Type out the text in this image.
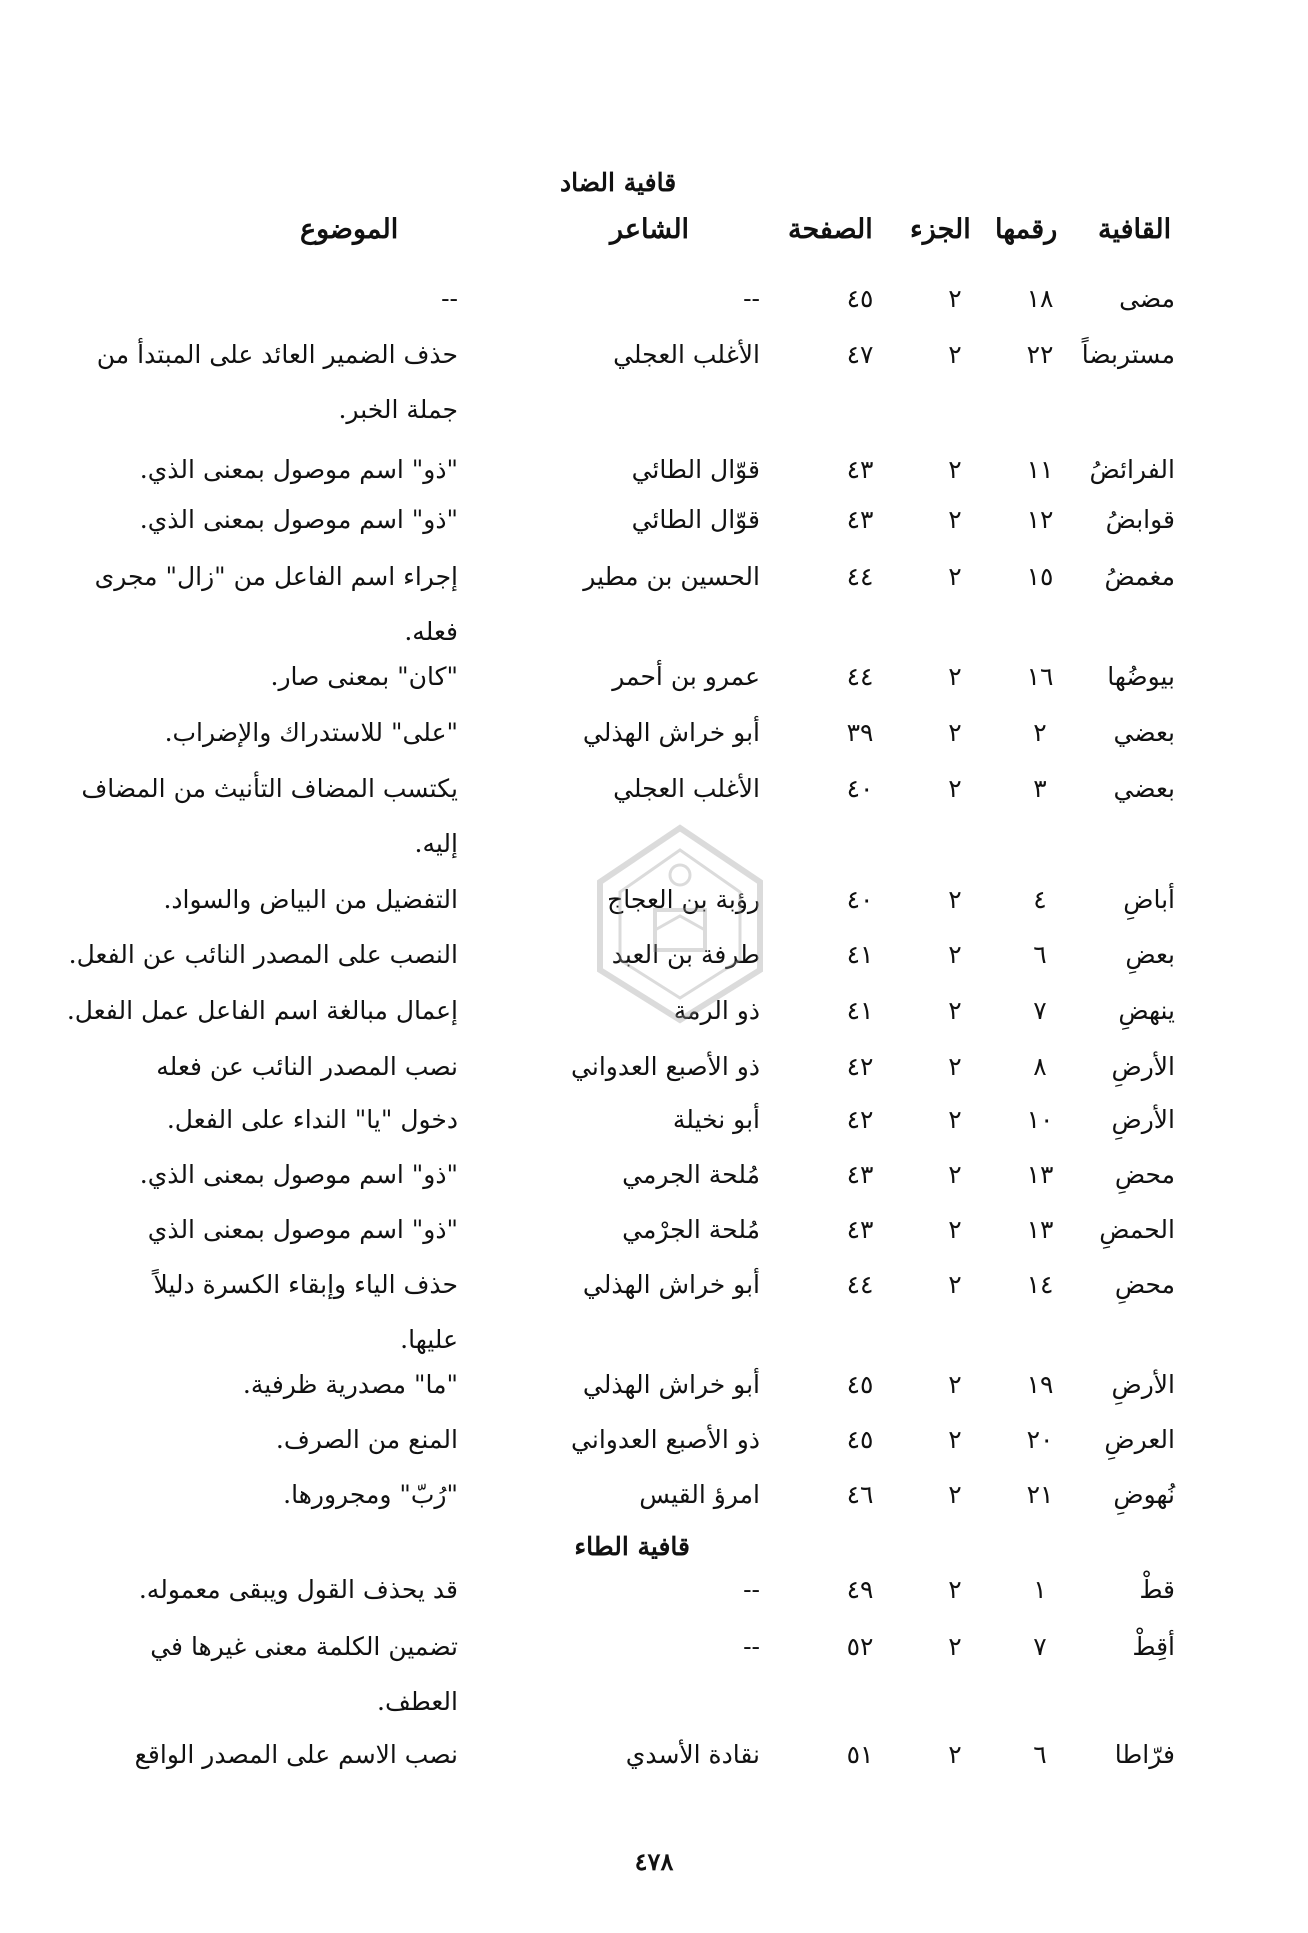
قافية الضاد
القافية
رقمها
الجزء
الصفحة
الشاعر
الموضوع
قافية الطاء
مضى
١٨
٢
٤٥
--
--
مستربضاً
٢٢
٢
٤٧
الأغلب العجلي
حذف الضمير العائد على المبتدأ من
جملة الخبر.
الفرائضُ
١١
٢
٤٣
قوّال الطائي
"ذو" اسم موصول بمعنى الذي.
قوابضُ
١٢
٢
٤٣
قوّال الطائي
"ذو" اسم موصول بمعنى الذي.
مغمضُ
١٥
٢
٤٤
الحسين بن مطير
إجراء اسم الفاعل من "زال" مجرى
فعله.
بيوضُها
١٦
٢
٤٤
عمرو بن أحمر
"كان" بمعنى صار.
بعضي
٢
٢
٣٩
أبو خراش الهذلي
"على" للاستدراك والإضراب.
بعضي
٣
٢
٤٠
الأغلب العجلي
يكتسب المضاف التأنيث من المضاف
إليه.
أباضِ
٤
٢
٤٠
رؤبة بن العجاج
التفضيل من البياض والسواد.
بعضِ
٦
٢
٤١
طرفة بن العبد
النصب على المصدر النائب عن الفعل.
ينهضِ
٧
٢
٤١
ذو الرمة
إعمال مبالغة اسم الفاعل عمل الفعل.
الأرضِ
٨
٢
٤٢
ذو الأصبع العدواني
نصب المصدر النائب عن فعله
الأرضِ
١٠
٢
٤٢
أبو نخيلة
دخول "يا" النداء على الفعل.
محضِ
١٣
٢
٤٣
مُلحة الجرمي
"ذو" اسم موصول بمعنى الذي.
الحمضِ
١٣
٢
٤٣
مُلحة الجرْمي
"ذو" اسم موصول بمعنى الذي
محضِ
١٤
٢
٤٤
أبو خراش الهذلي
حذف الياء وإبقاء الكسرة دليلاً
عليها.
الأرضِ
١٩
٢
٤٥
أبو خراش الهذلي
"ما" مصدرية ظرفية.
العرضِ
٢٠
٢
٤٥
ذو الأصبع العدواني
المنع من الصرف.
نُهوضِ
٢١
٢
٤٦
امرؤ القيس
"رُبّ" ومجرورها.
قطْ
١
٢
٤٩
--
قد يحذف القول ويبقى معموله.
أقِطْ
٧
٢
٥٢
--
تضمين الكلمة معنى غيرها في
العطف.
فرّاطا
٦
٢
٥١
نقادة الأسدي
نصب الاسم على المصدر الواقع
٤٧٨
